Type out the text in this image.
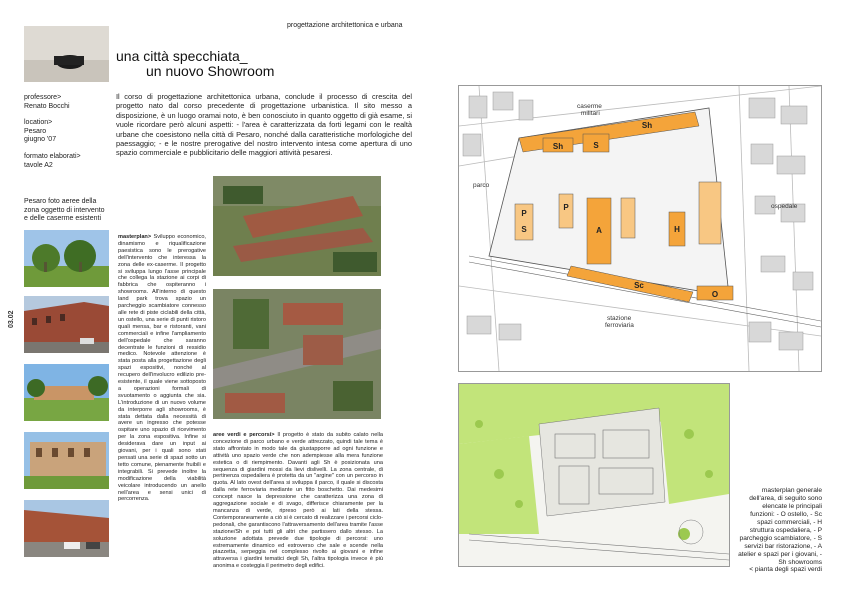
progettazione architettonica e urbana
una città specchiata_
un nuovo Showroom
professore>
Renato Bocchi
location>
Pesaro
giugno '07
formato elaborati>
tavole A2
Il corso di progettazione architettonica urbana, conclude il processo di crescita del progetto nato dal corso precedente di progettazione urbanistica. Il sito messo a disposizione, è un luogo oramai noto, è ben conosciuto in quanto oggetto di già esame, si vuole ricordare però alcuni aspetti: - l'area è caratterizzata da forti legami con le realtà urbane che coesistono nella città di Pesaro, nonché dalla caratteristiche morfologiche del paessaggio; - e le nostre prerogative del nostro intervento intesa come apertura di uno spazio commerciale e pubblicitario delle maggiori attività pesaresi.
Pesaro foto aeree della zona oggetto di intervento e delle caserme esistenti
03.02
masterplan> Sviluppo economico, dinamismo e riqualificazione paesistica sono le prerogative dell'intervento che interessa la zona delle ex-caserme. Il progetto si sviluppa lungo l'asse principale che collega la stazione ai corpi di fabbrica che ospiteranno i showrooms. All'interno di questo land park trova spazio un parcheggio scambiatore connesso alle rete di piste ciclabili della città, un ostello, una serie di punti ristoro quali mensa, bar e ristoranti, vani commerciali e infine l'ampliamento dell'ospedale che saranno decentrate le funzioni di ressidio medico. Notevole attenzione è stata posta alla progettazione degli spazi espositivi, nonché al recupero dell'involucro edilizio pre-esistente, il quale viene sottoposto a operazioni formali di svuotamento o aggiunta che sia. L'introduzione di un nuovo volume da interporre agli showrooms, è stata dettata dalla necessità di avere un ingresso che potesse ospitare uno spazio di ricevimento per la zona espositiva. Infine si desiderava dare un input ai giovani, per i quali sono stati pensati una serie di spazi sotto un tetto comune, pienamente fruibili e integrabili. Si prevede inoltre la modificazione della viabilità veicolare introducendo un anello nell'area e sensi unici di percorrenza.
aree verdi e percorsi> Il progetto è stato da subito calato nella concezione di parco urbano e verde attrezzato, quindi tale tema è stato affrontato in modo tale da giustapporre ad ogni funzione e attività uno spazio verde che non adempiesse alla mera funzione estetica o di riempimento. Davanti agli Sh è posizionata una sequenza di giardini mossi da lievi dislivelli. La zona centrale, di pertinenza ospedaliera è protetta da un "argine" con un percorso in quota. Al lato ovest dell'area si sviluppa il parco, il quale si discosta dalla rete ferroviaria mediante un fitto boschetto. Dai medesimi concept nasce la depressione che caratterizza una zona di aggregazione sociale e di svago, differisce chiaramente per la mancanza di verde, ripreso però ai lati della stessa. Contemporaneamente a ciò si è cercato di realizzare i percorsi ciclo-pedonali, che garantiscono l'attraversamento dell'area tramite l'asse stazione/Sh e poi tutti gli altri che partissero dallo stesso. La soluzione adottata prevede due tipologie di percorsi: uno estremamente dinamico ed estroverso che sale e scende nella piazzetta, serpeggia nel complesso rivolto ai giovani e infine attraversa i giardini tematici degli Sh, l'altra tipologia invece è più anonima e costeggia il perimetro degli edifici.
Sh
Sh	S
P
S
P
A	H
Sc
O
caserme
militari
parco
ospedale
stazione
ferroviaria
masterplan generale dell'area, di seguito sono elencate le principali funzioni: - O ostello, - Sc spazi commerciali, - H struttura ospedaliera, - P parcheggio scambiatore, - S servizi bar ristorazione, - A atelier e spazi per i giovani, - Sh showrooms
< pianta degli spazi verdi
